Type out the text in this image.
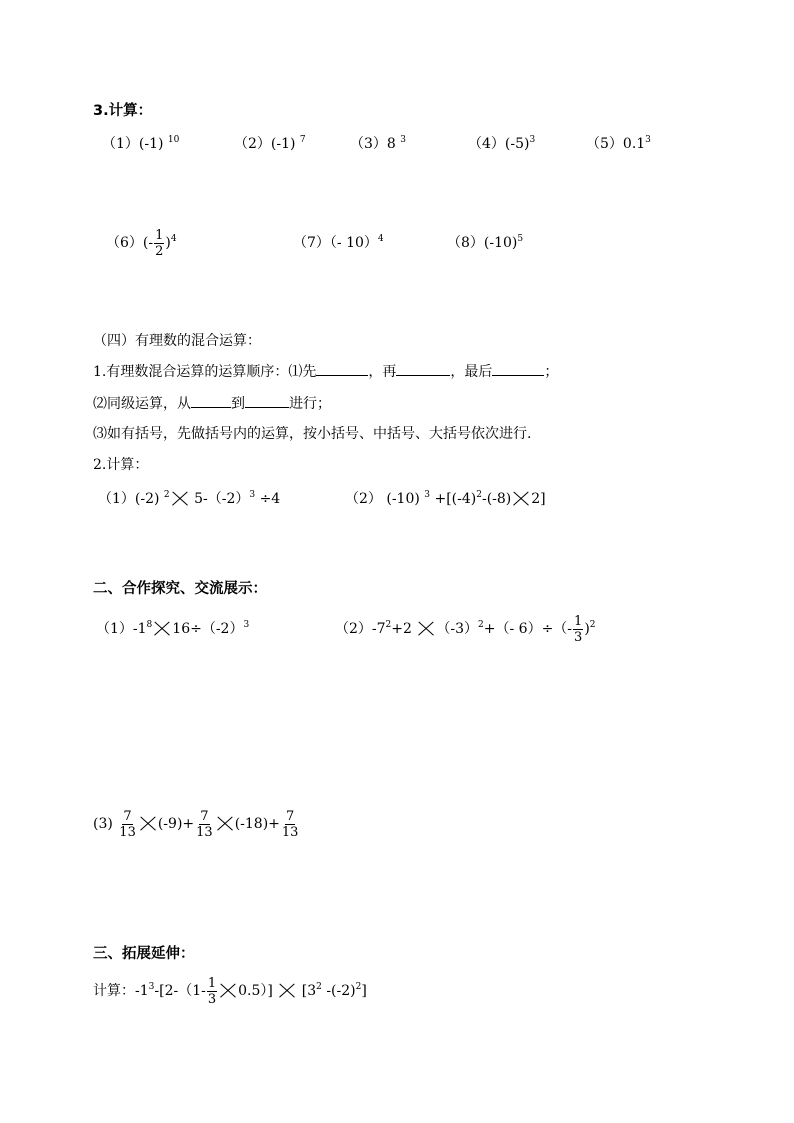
3.计算：
（1）(-1) $^{10}$	（2）(-1) $^7$	（3）8 $^3$	$(4)(-5)^3$	$(5)0.1^3$
$(6)(- \frac{1}{2} )^4$	（7）（- 10）$^4$	$(8)(-10)^5$
（四）有理数的混合运算：
1.有理数混合运算的运算顺序：⑴先	，再	，最后	；
⑵同级运算，从	到	进行；
⑶如有括号，先做括号内的运算，按小括号、中括号、大括号依次进行.
2.计算：
（1）(-2) $^2$ $5-(-2)^3 \div 4$	（2） (-10) $^3 +[(-4)^2-(-8)$ 2]
二、合作探究、交流展示：
$(1)-1^8$ $16\div(-2)^3$	$(2)-7^2+2$ $(-3)^2+(-$ $6)\div(- \frac{1}{3} )^2$
$(3) \frac{7}{13} (-9)+ \frac{7}{13} (-18)+ \frac{7}{13}$
三、拓展延伸：
计算：$-1^3-[2-(1- \frac{1}{3} 0.5)]$ [$3^2$ $-(-2)^2$]
